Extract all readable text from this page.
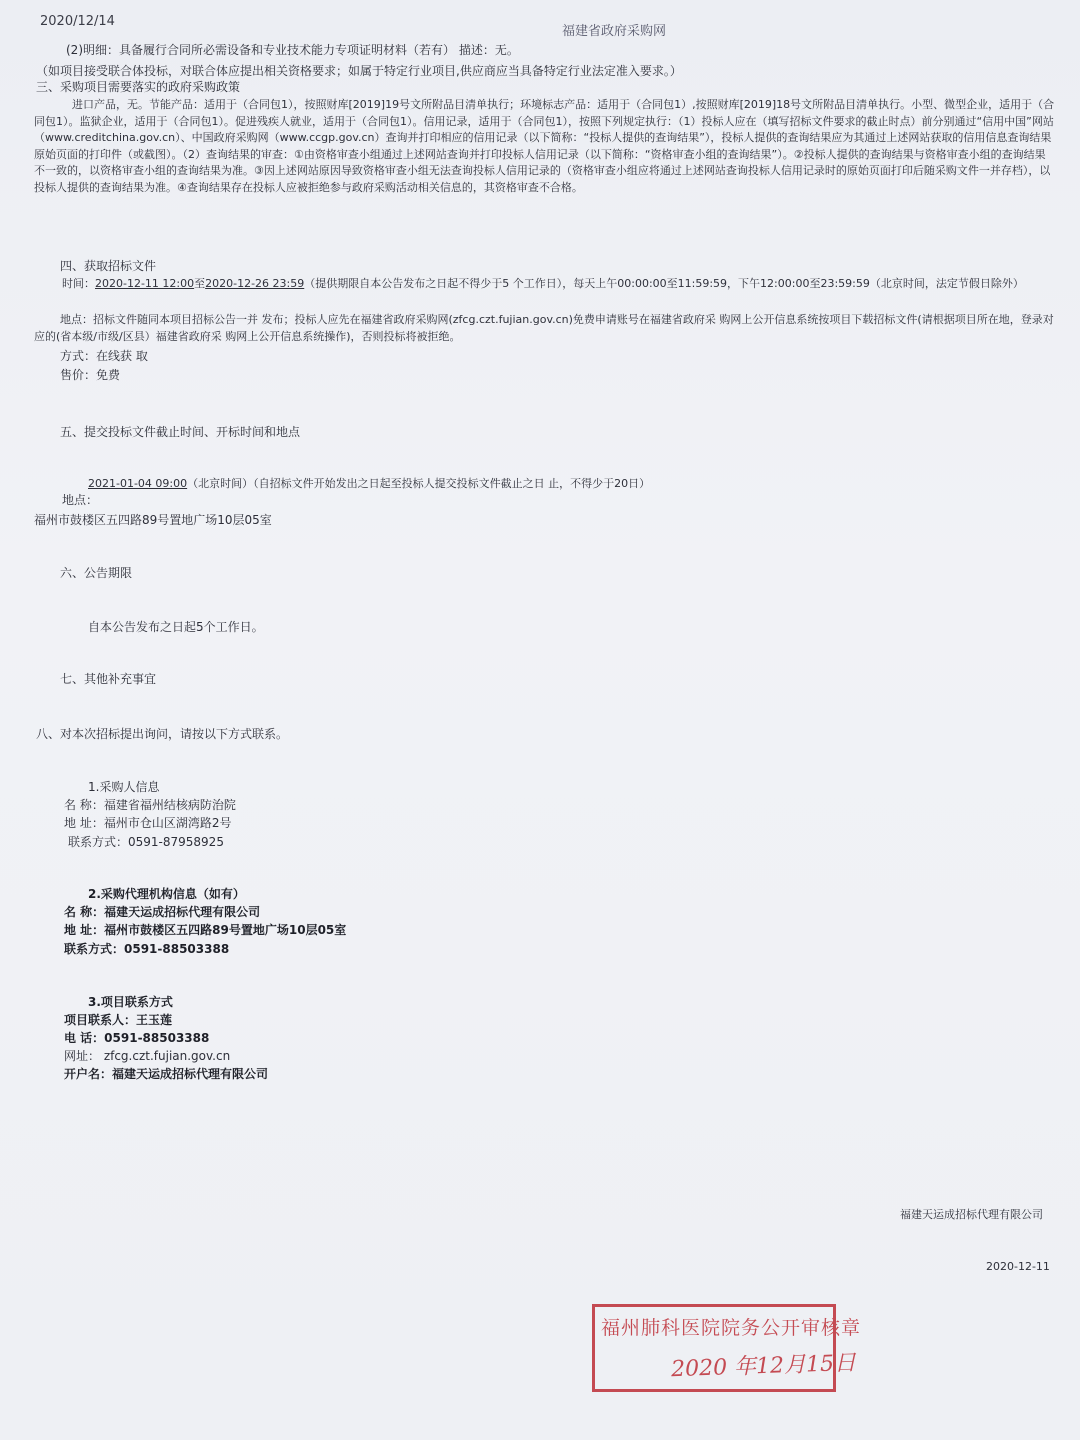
2020/12/14
福建省政府采购网
(2)明细：具备履行合同所必需设备和专业技术能力专项证明材料（若有） 描述：无。
（如项目接受联合体投标，对联合体应提出相关资格要求；如属于特定行业项目,供应商应当具备特定行业法定准入要求。）
三、采购项目需要落实的政府采购政策
进口产品，无。节能产品：适用于（合同包1），按照财库[2019]19号文所附品目清单执行；环境标志产品：适用于（合同包1）,按照财库[2019]18号文所附品目清单执行。小型、微型企业，适用于（合同包1）。监狱企业，适用于（合同包1）。促进残疾人就业，适用于（合同包1）。信用记录，适用于（合同包1），按照下列规定执行：（1）投标人应在（填写招标文件要求的截止时点）前分别通过“信用中国”网站（www.creditchina.gov.cn）、中国政府采购网（www.ccgp.gov.cn）查询并打印相应的信用记录（以下简称：“投标人提供的查询结果”），投标人提供的查询结果应为其通过上述网站获取的信用信息查询结果原始页面的打印件（或截图）。（2）查询结果的审查：①由资格审查小组通过上述网站查询并打印投标人信用记录（以下简称：“资格审查小组的查询结果”）。②投标人提供的查询结果与资格审查小组的查询结果不一致的，以资格审查小组的查询结果为准。③因上述网站原因导致资格审查小组无法查询投标人信用记录的（资格审查小组应将通过上述网站查询投标人信用记录时的原始页面打印后随采购文件一并存档），以投标人提供的查询结果为准。④查询结果存在投标人应被拒绝参与政府采购活动相关信息的，其资格审查不合格。
四、获取招标文件
时间：2020-12-11 12:00至2020-12-26 23:59（提供期限自本公告发布之日起不得少于5 个工作日），每天上午00:00:00至11:59:59，下午12:00:00至23:59:59（北京时间，法定节假日除外）
地点：招标文件随同本项目招标公告一并 发布；投标人应先在福建省政府采购网(zfcg.czt.fujian.gov.cn)免费申请账号在福建省政府采 购网上公开信息系统按项目下载招标文件(请根据项目所在地，登录对应的(省本级/市级/区县）福建省政府采 购网上公开信息系统操作)，否则投标将被拒绝。
方式：在线获 取
售价：免费
五、提交投标文件截止时间、开标时间和地点
2021-01-04 09:00（北京时间）（自招标文件开始发出之日起至投标人提交投标文件截止之日 止，不得少于20日）
地点：
福州市鼓楼区五四路89号置地广场10层05室
六、公告期限
自本公告发布之日起5个工作日。
七、其他补充事宜
八、对本次招标提出询问，请按以下方式联系。
1.采购人信息
名 称：福建省福州结核病防治院
地 址：福州市仓山区湖湾路2号
联系方式：0591-87958925
2.采购代理机构信息（如有）
名 称：福建天运成招标代理有限公司
地 址：福州市鼓楼区五四路89号置地广场10层05室
联系方式：0591-88503388
3.项目联系方式
项目联系人：王玉莲
电 话：0591-88503388
网址： zfcg.czt.fujian.gov.cn
开户名：福建天运成招标代理有限公司
福建天运成招标代理有限公司
2020-12-11
福州肺科医院院务公开审核章
2020 年12月15日
